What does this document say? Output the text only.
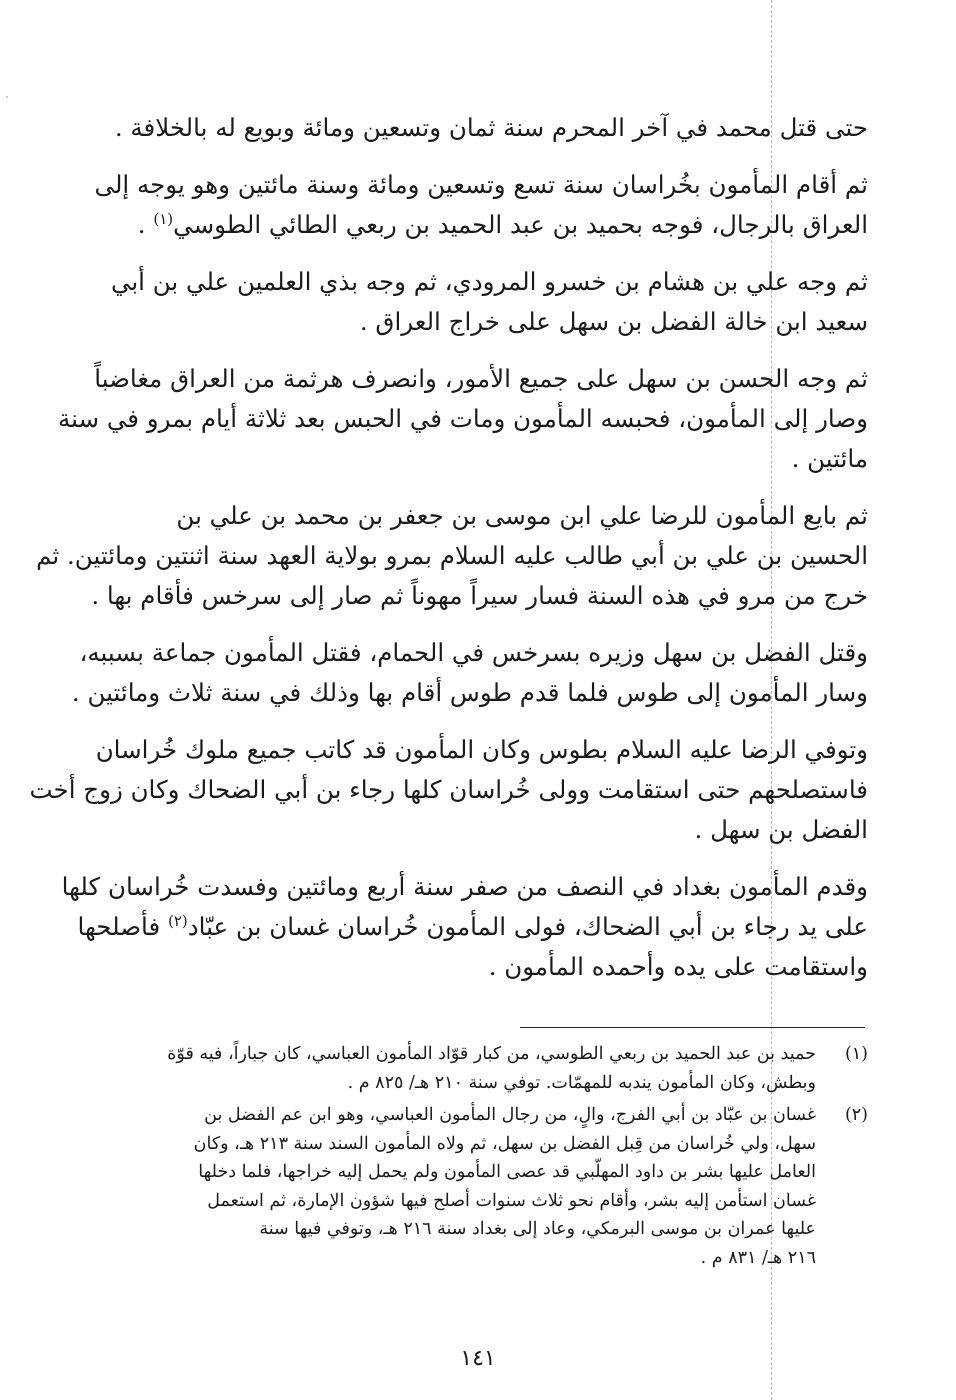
حتى قتل محمد في آخر المحرم سنة ثمان وتسعين ومائة وبويع له بالخلافة .

ثم أقام المأمون بخُراسان سنة تسع وتسعين ومائة وسنة مائتين وهو يوجه إلى
العراق بالرجال، فوجه بحميد بن عبد الحميد بن ربعي الطائي الطوسي$^{(١)}$ .

ثم وجه علي بن هشام بن خسرو المرودي، ثم وجه بذي العلمين علي بن أبي
سعيد ابن خالة الفضل بن سهل على خراج العراق .

ثم وجه الحسن بن سهل على جميع الأمور، وانصرف هرثمة من العراق مغاضباً
وصار إلى المأمون، فحبسه المأمون ومات في الحبس بعد ثلاثة أيام بمرو في سنة
مائتين .

ثم بايع المأمون للرضا علي ابن موسى بن جعفر بن محمد بن علي بن
الحسين بن علي بن أبي طالب عليه السلام بمرو بولاية العهد سنة اثنتين ومائتين. ثم
خرج من مرو في هذه السنة فسار سيراً مهوناً ثم صار إلى سرخس فأقام بها .

وقتل الفضل بن سهل وزيره بسرخس في الحمام، فقتل المأمون جماعة بسببه،
وسار المأمون إلى طوس فلما قدم طوس أقام بها وذلك في سنة ثلاث ومائتين .

وتوفي الرضا عليه السلام بطوس وكان المأمون قد كاتب جميع ملوك خُراسان
فاستصلحهم حتى استقامت وولى خُراسان كلها رجاء بن أبي الضحاك وكان زوج أخت
الفضل بن سهل .

وقدم المأمون بغداد في النصف من صفر سنة أربع ومائتين وفسدت خُراسان كلها
على يد رجاء بن أبي الضحاك، فولى المأمون خُراسان غسان بن عبّاد$^{(٢)}$ فأصلحها
واستقامت على يده وأحمده المأمون .

(١)
حميد بن عبد الحميد بن ربعي الطوسي، من كبار قوّاد المأمون العباسي، كان جباراً، فيه قوّة
وبطش، وكان المأمون يندبه للمهمّات. توفي سنة ٢١٠ هـ/ ٨٢٥ م .
(٢)
غسان بن عبّاد بن أبي الفرج، والٍ، من رجال المأمون العباسي، وهو ابن عم الفضل بن
سهل، ولي خُراسان من قِبل الفضل بن سهل، ثم ولاه المأمون السند سنة ٢١٣ هـ، وكان
العامل عليها بشر بن داود المهلّبي قد عصى المأمون ولم يحمل إليه خراجها، فلما دخلها
غسان استأمن إليه بشر، وأقام نحو ثلاث سنوات أصلح فيها شؤون الإمارة، ثم استعمل
عليها عمران بن موسى البرمكي، وعاد إلى بغداد سنة ٢١٦ هـ، وتوفي فيها سنة
٢١٦ هـ/ ٨٣١ م .
١٤١
